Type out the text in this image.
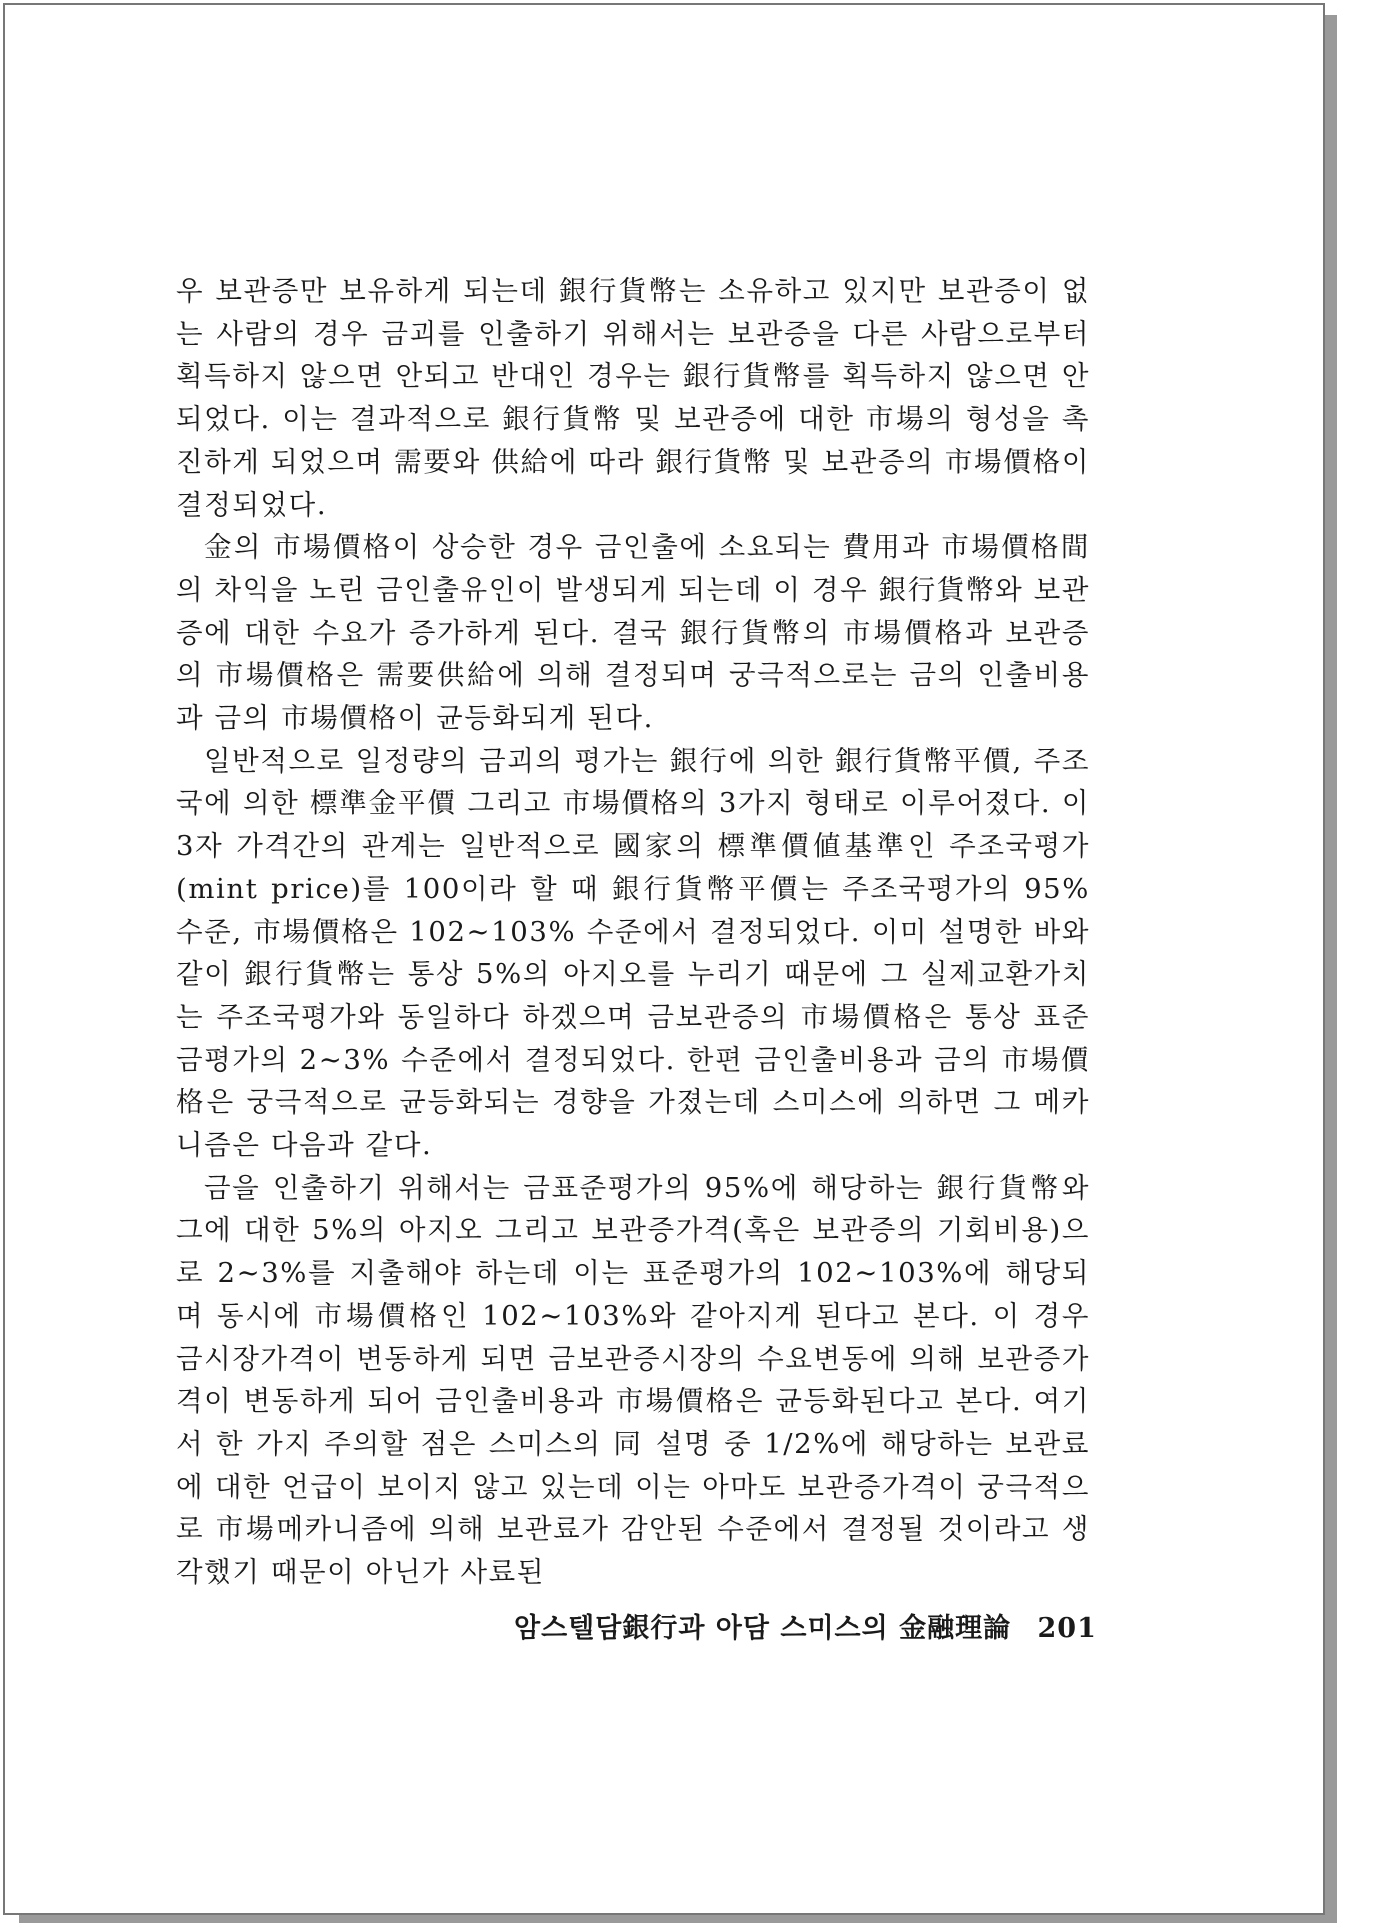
우 보관증만 보유하게 되는데 銀行貨幣는 소유하고 있지만 보관증이 없는 사람의 경우 금괴를 인출하기 위해서는 보관증을 다른 사람으로부터 획득하지 않으면 안되고 반대인 경우는 銀行貨幣를 획득하지 않으면 안되었다. 이는 결과적으로 銀行貨幣 및 보관증에 대한 市場의 형성을 촉진하게 되었으며 需要와 供給에 따라 銀行貨幣 및 보관증의 市場價格이 결정되었다.

金의 市場價格이 상승한 경우 금인출에 소요되는 費用과 市場價格間의 차익을 노린 금인출유인이 발생되게 되는데 이 경우 銀行貨幣와 보관증에 대한 수요가 증가하게 된다. 결국 銀行貨幣의 市場價格과 보관증의 市場價格은 需要供給에 의해 결정되며 궁극적으로는 금의 인출비용과 금의 市場價格이 균등화되게 된다.

일반적으로 일정량의 금괴의 평가는 銀行에 의한 銀行貨幣平價, 주조국에 의한 標準金平價 그리고 市場價格의 3가지 형태로 이루어졌다. 이 3자 가격간의 관계는 일반적으로 國家의 標準價値基準인 주조국평가(mint price)를 100이라 할 때 銀行貨幣平價는 주조국평가의 95% 수준, 市場價格은 102∼103% 수준에서 결정되었다. 이미 설명한 바와 같이 銀行貨幣는 통상 5%의 아지오를 누리기 때문에 그 실제교환가치는 주조국평가와 동일하다 하겠으며 금보관증의 市場價格은 통상 표준금평가의 2∼3% 수준에서 결정되었다. 한편 금인출비용과 금의 市場價格은 궁극적으로 균등화되는 경향을 가졌는데 스미스에 의하면 그 메카니즘은 다음과 같다.

금을 인출하기 위해서는 금표준평가의 95%에 해당하는 銀行貨幣와 그에 대한 5%의 아지오 그리고 보관증가격(혹은 보관증의 기회비용)으로 2∼3%를 지출해야 하는데 이는 표준평가의 102∼103%에 해당되며 동시에 市場價格인 102∼103%와 같아지게 된다고 본다. 이 경우 금시장가격이 변동하게 되면 금보관증시장의 수요변동에 의해 보관증가격이 변동하게 되어 금인출비용과 市場價格은 균등화된다고 본다. 여기서 한 가지 주의할 점은 스미스의 同 설명 중 1/2%에 해당하는 보관료에 대한 언급이 보이지 않고 있는데 이는 아마도 보관증가격이 궁극적으로 市場메카니즘에 의해 보관료가 감안된 수준에서 결정될 것이라고 생각했기 때문이 아닌가 사료된

암스텔담銀行과 아담 스미스의 金融理論 201
